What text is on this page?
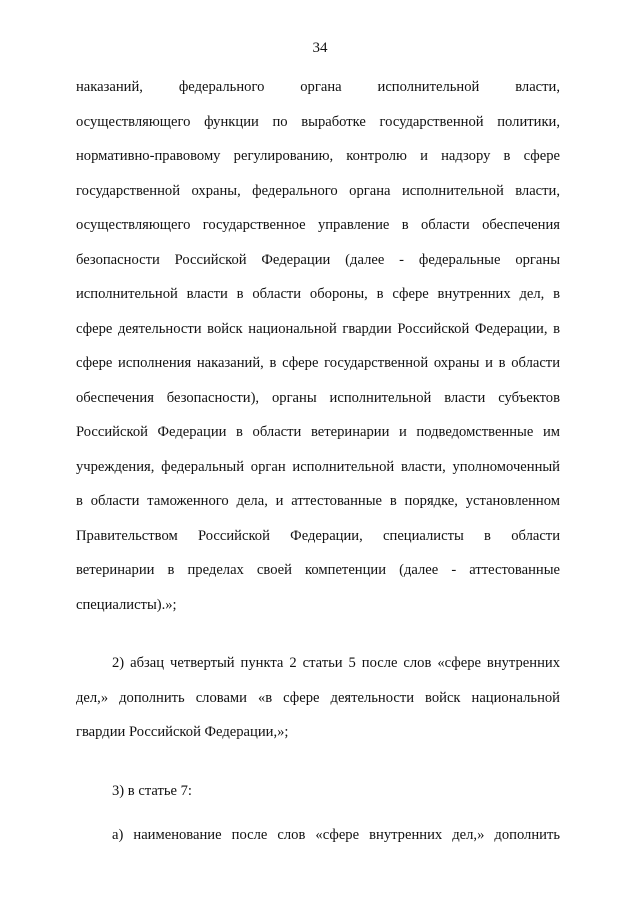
34
наказаний, федерального органа исполнительной власти,
осуществляющего функции по выработке государственной политики,
нормативно-правовому регулированию, контролю и надзору в сфере
государственной охраны, федерального органа исполнительной власти,
осуществляющего государственное управление в области обеспечения
безопасности Российской Федерации (далее - федеральные органы
исполнительной власти в области обороны, в сфере внутренних дел, в
сфере деятельности войск национальной гвардии Российской Федерации, в
сфере исполнения наказаний, в сфере государственной охраны и в области
обеспечения безопасности), органы исполнительной власти субъектов
Российской Федерации в области ветеринарии и подведомственные им
учреждения, федеральный орган исполнительной власти, уполномоченный
в области таможенного дела, и аттестованные в порядке, установленном
Правительством Российской Федерации, специалисты в области
ветеринарии в пределах своей компетенции (далее - аттестованные
специалисты).»;
2) абзац четвертый пункта 2 статьи 5 после слов «сфере внутренних
дел,» дополнить словами «в сфере деятельности войск национальной
гвардии Российской Федерации,»;
3) в статье 7:
а) наименование после слов «сфере внутренних дел,» дополнить
